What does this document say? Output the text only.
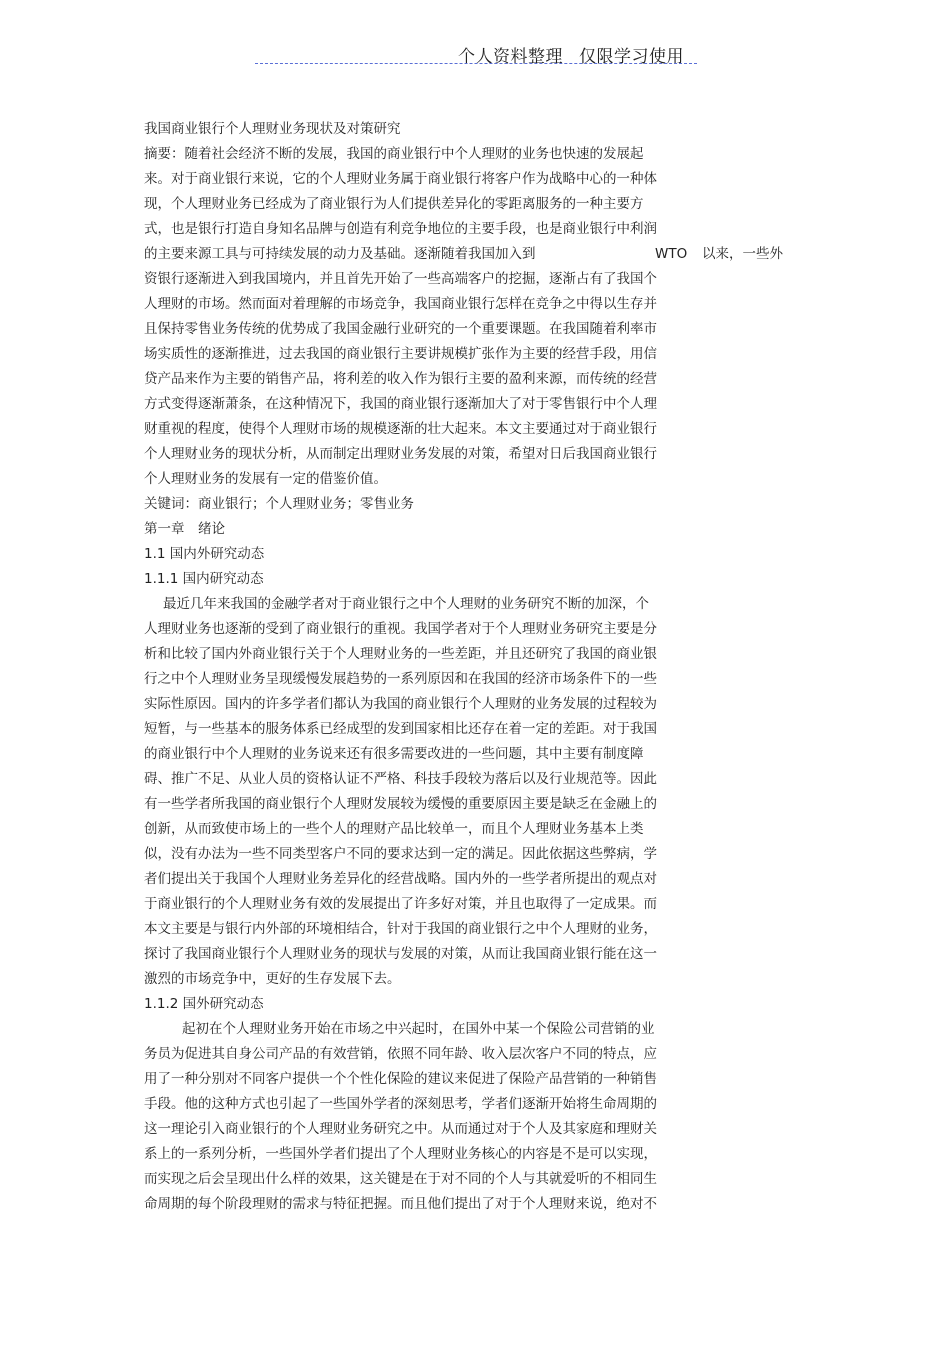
个人资料整理 仅限学习使用
我国商业银行个人理财业务现状及对策研究
摘要：随着社会经济不断的发展，我国的商业银行中个人理财的业务也快速的发展起
来。对于商业银行来说，它的个人理财业务属于商业银行将客户作为战略中心的一种体
现，个人理财业务已经成为了商业银行为人们提供差异化的零距离服务的一种主要方
式，也是银行打造自身知名品牌与创造有利竞争地位的主要手段，也是商业银行中利润
的主要来源工具与可持续发展的动力及基础。逐渐随着我国加入到	WTO 以来，一些外
资银行逐渐进入到我国境内，并且首先开始了一些高端客户的挖掘，逐渐占有了我国个
人理财的市场。然而面对着理解的市场竞争，我国商业银行怎样在竞争之中得以生存并
且保持零售业务传统的优势成了我国金融行业研究的一个重要课题。在我国随着利率市
场实质性的逐渐推进，过去我国的商业银行主要讲规模扩张作为主要的经营手段，用信
贷产品来作为主要的销售产品，将利差的收入作为银行主要的盈利来源，而传统的经营
方式变得逐渐萧条，在这种情况下，我国的商业银行逐渐加大了对于零售银行中个人理
财重视的程度，使得个人理财市场的规模逐渐的壮大起来。本文主要通过对于商业银行
个人理财业务的现状分析，从而制定出理财业务发展的对策，希望对日后我国商业银行
个人理财业务的发展有一定的借鉴价值。
关键词：商业银行；个人理财业务；零售业务
第一章　绪论
1.1 国内外研究动态
1.1.1 国内研究动态
最近几年来我国的金融学者对于商业银行之中个人理财的业务研究不断的加深，个
人理财业务也逐渐的受到了商业银行的重视。我国学者对于个人理财业务研究主要是分
析和比较了国内外商业银行关于个人理财业务的一些差距，并且还研究了我国的商业银
行之中个人理财业务呈现缓慢发展趋势的一系列原因和在我国的经济市场条件下的一些
实际性原因。国内的许多学者们都认为我国的商业银行个人理财的业务发展的过程较为
短暂，与一些基本的服务体系已经成型的发到国家相比还存在着一定的差距。对于我国
的商业银行中个人理财的业务说来还有很多需要改进的一些问题，其中主要有制度障
碍、推广不足、从业人员的资格认证不严格、科技手段较为落后以及行业规范等。因此
有一些学者所我国的商业银行个人理财发展较为缓慢的重要原因主要是缺乏在金融上的
创新，从而致使市场上的一些个人的理财产品比较单一，而且个人理财业务基本上类
似，没有办法为一些不同类型客户不同的要求达到一定的满足。因此依据这些弊病，学
者们提出关于我国个人理财业务差异化的经营战略。国内外的一些学者所提出的观点对
于商业银行的个人理财业务有效的发展提出了许多好对策，并且也取得了一定成果。而
本文主要是与银行内外部的环境相结合，针对于我国的商业银行之中个人理财的业务，
探讨了我国商业银行个人理财业务的现状与发展的对策，从而让我国商业银行能在这一
激烈的市场竞争中，更好的生存发展下去。
1.1.2 国外研究动态
起初在个人理财业务开始在市场之中兴起时，在国外中某一个保险公司营销的业
务员为促进其自身公司产品的有效营销，依照不同年龄、收入层次客户不同的特点，应
用了一种分别对不同客户提供一个个性化保险的建议来促进了保险产品营销的一种销售
手段。他的这种方式也引起了一些国外学者的深刻思考，学者们逐渐开始将生命周期的
这一理论引入商业银行的个人理财业务研究之中。从而通过对于个人及其家庭和理财关
系上的一系列分析，一些国外学者们提出了个人理财业务核心的内容是不是可以实现，
而实现之后会呈现出什么样的效果，这关键是在于对不同的个人与其就爱听的不相同生
命周期的每个阶段理财的需求与特征把握。而且他们提出了对于个人理财来说，绝对不
